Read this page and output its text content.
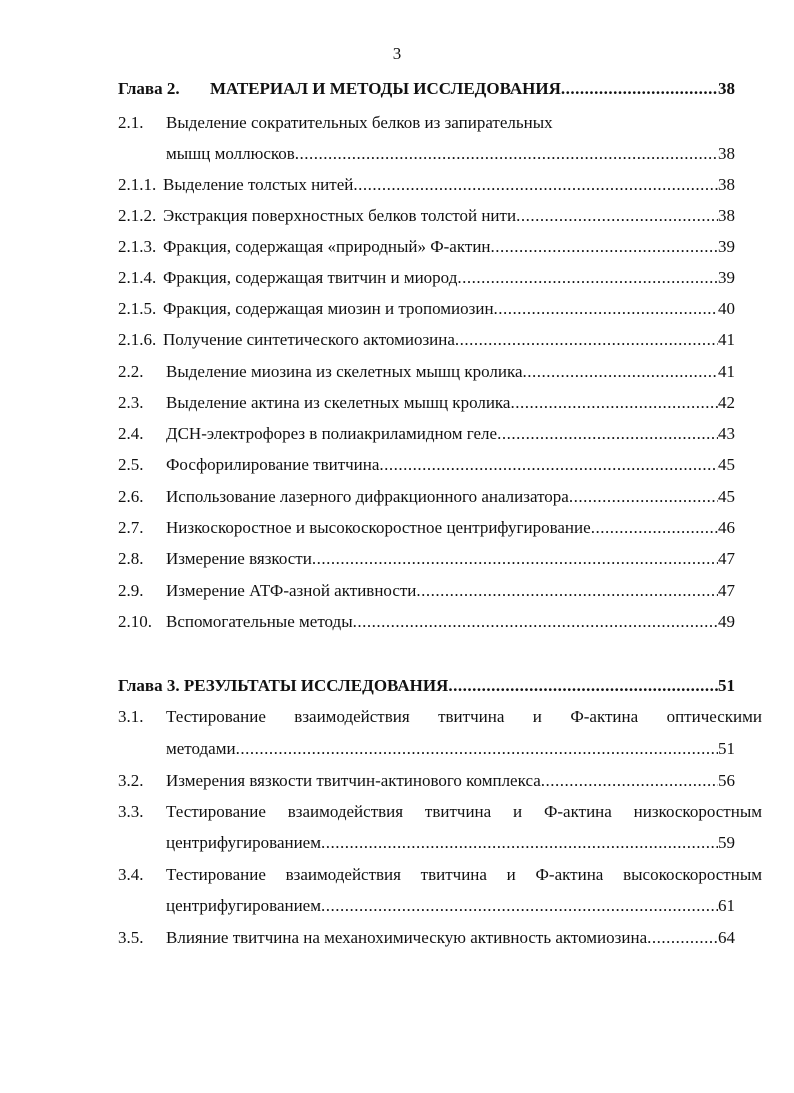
3
Глава 2.	МАТЕРИАЛ И МЕТОДЫ ИССЛЕДОВАНИЯ .....	38
2.1.	Выделение сократительных белков из запирательных
мышц моллюсков .....	38
2.1.1. Выделение толстых нитей .....	38
2.1.2. Экстракция поверхностных белков толстой нити .....	38
2.1.3. Фракция, содержащая «природный» Ф-актин .....	39
2.1.4. Фракция, содержащая твитчин и миород .....	39
2.1.5. Фракция, содержащая миозин и тропомиозин .....	40
2.1.6. Получение синтетического актомиозина .....	41
2.2.	Выделение миозина из скелетных мышц кролика .....	41
2.3.	Выделение актина из скелетных мышц кролика .....	42
2.4.	ДСН-электрофорез в полиакриламидном геле .....	43
2.5.	Фосфорилирование твитчина .....	45
2.6.	Использование лазерного дифракционного анализатора .....	45
2.7.	Низкоскоростное и высокоскоростное центрифугирование .....	46
2.8.	Измерение вязкости .....	47
2.9.	Измерение АТФ-азной активности .....	47
2.10. Вспомогательные методы .....	49
Глава 3. РЕЗУЛЬТАТЫ ИССЛЕДОВАНИЯ .....	51
3.1.	Тестирование взаимодействия твитчина и Ф-актина оптическими
методами .....	51
3.2.	Измерения вязкости твитчин-актинового комплекса .....	56
3.3.	Тестирование взаимодействия твитчина и Ф-актина низкоскоростным
центрифугированием .....	59
3.4.	Тестирование взаимодействия твитчина и Ф-актина высокоскоростным
центрифугированием .....	61
3.5.	Влияние твитчина на механохимическую активность актомиозина .....	64
